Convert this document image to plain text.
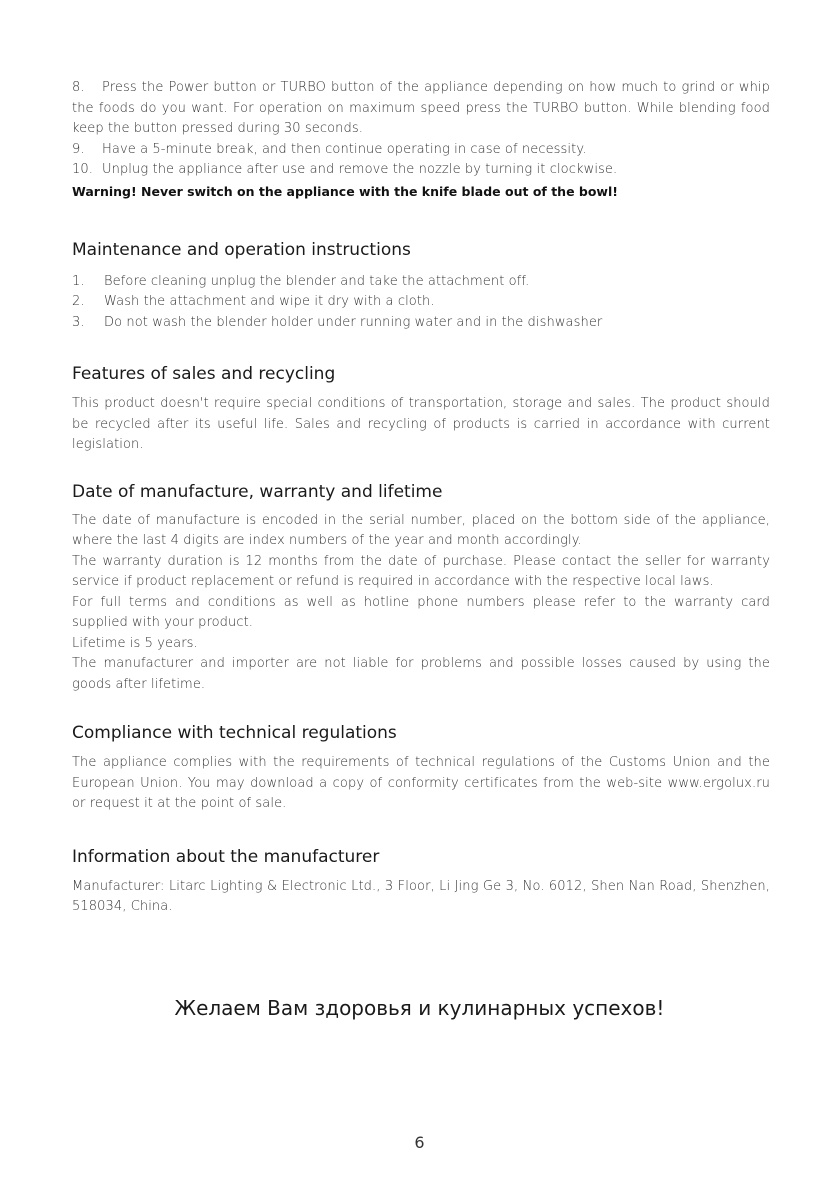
8. Press the Power button or TURBO button of the appliance depending on how much to grind or whip the foods do you want. For operation on maximum speed press the TURBO button. While blending food keep the button pressed during 30 seconds.

9. Have a 5-minute break, and then continue operating in case of necessity.

10. Unplug the appliance after use and remove the nozzle by turning it clockwise.

Warning! Never switch on the appliance with the knife blade out of the bowl!

Maintenance and operation instructions

1. Before cleaning unplug the blender and take the attachment off.

2. Wash the attachment and wipe it dry with a cloth.

3. Do not wash the blender holder under running water and in the dishwasher

Features of sales and recycling

This product doesn't require special conditions of transportation, storage and sales. The product should be recycled after its useful life. Sales and recycling of products is carried in accordance with current legislation.

Date of manufacture, warranty and lifetime

The date of manufacture is encoded in the serial number, placed on the bottom side of the appliance, where the last 4 digits are index numbers of the year and month accordingly.

The warranty duration is 12 months from the date of purchase. Please contact the seller for warranty service if product replacement or refund is required in accordance with the respective local laws.

For full terms and conditions as well as hotline phone numbers please refer to the warranty card supplied with your product.

Lifetime is 5 years.

The manufacturer and importer are not liable for problems and possible losses caused by using the goods after lifetime.

Compliance with technical regulations

The appliance complies with the requirements of technical regulations of the Customs Union and the European Union. You may download a copy of conformity certificates from the web-site www.ergolux.ru or request it at the point of sale.

Information about the manufacturer

Manufacturer: Litarc Lighting & Electronic Ltd., 3 Floor, Li Jing Ge 3, No. 6012, Shen Nan Road, Shenzhen, 518034, China.

Желаем Вам здоровья и кулинарных успехов!
6
